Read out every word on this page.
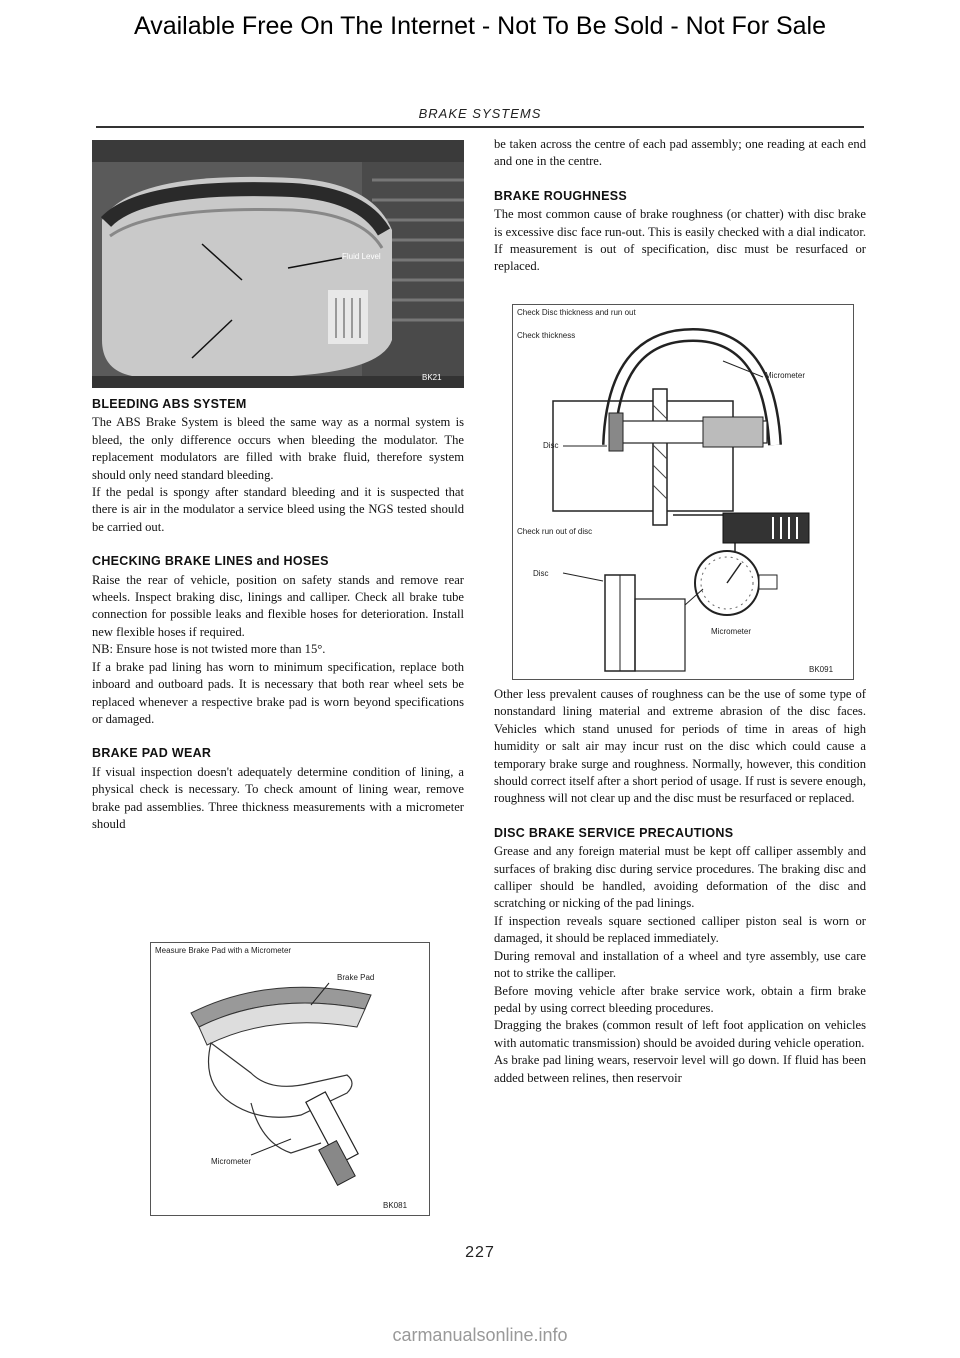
Available Free On The Internet - Not To Be Sold - Not For Sale
BRAKE SYSTEMS
Fluid Level
BK21

BLEEDING ABS SYSTEM

The ABS Brake System is bleed the same way as a normal system is bleed, the only difference occurs when bleeding the modulator. The replacement modulators are filled with brake fluid, therefore system should only need standard bleeding.

If the pedal is spongy after standard bleeding and it is suspected that there is air in the modulator a service bleed using the NGS tested should be carried out.

CHECKING BRAKE LINES and HOSES

Raise the rear of vehicle, position on safety stands and remove rear wheels. Inspect braking disc, linings and calliper. Check all brake tube connection for possible leaks and flexible hoses for deterioration. Install new flexible hoses if required.

NB: Ensure hose is not twisted more than 15°.

If a brake pad lining has worn to minimum specification, replace both inboard and outboard pads. It is necessary that both rear wheel sets be replaced whenever a respective brake pad is worn beyond specifications or damaged.

BRAKE PAD WEAR

If visual inspection doesn't adequately determine condition of lining, a physical check is necessary. To check amount of lining wear, remove brake pad assemblies. Three thickness measurements with a micrometer should

Measure Brake Pad with a Micrometer
Brake Pad
Micrometer
BK081

be taken across the centre of each pad assembly; one reading at each end and one in the centre.

BRAKE ROUGHNESS

The most common cause of brake roughness (or chatter) with disc brake is excessive disc face run-out. This is easily checked with a dial indicator. If measurement is out of specification, disc must be resurfaced or replaced.

Check Disc thickness and run out
Check thickness
Micrometer
Disc
Check run out of disc
Disc
Micrometer
BK091

Other less prevalent causes of roughness can be the use of some type of nonstandard lining material and extreme abrasion of the disc faces. Vehicles which stand unused for periods of time in areas of high humidity or salt air may incur rust on the disc which could cause a temporary brake surge and roughness. Normally, however, this condition should correct itself after a short period of usage. If rust is severe enough, roughness will not clear up and the disc must be resurfaced or replaced.

DISC BRAKE SERVICE PRECAUTIONS

Grease and any foreign material must be kept off calliper assembly and surfaces of braking disc during service procedures. The braking disc and calliper should be handled, avoiding deformation of the disc and scratching or nicking of the pad linings.

If inspection reveals square sectioned calliper piston seal is worn or damaged, it should be replaced immediately.

During removal and installation of a wheel and tyre assembly, use care not to strike the calliper.

Before moving vehicle after brake service work, obtain a firm brake pedal by using correct bleeding procedures.

Dragging the brakes (common result of left foot application on vehicles with automatic transmission) should be avoided during vehicle operation.

As brake pad lining wears, reservoir level will go down. If fluid has been added between relines, then reservoir

227
carmanualsonline.info
